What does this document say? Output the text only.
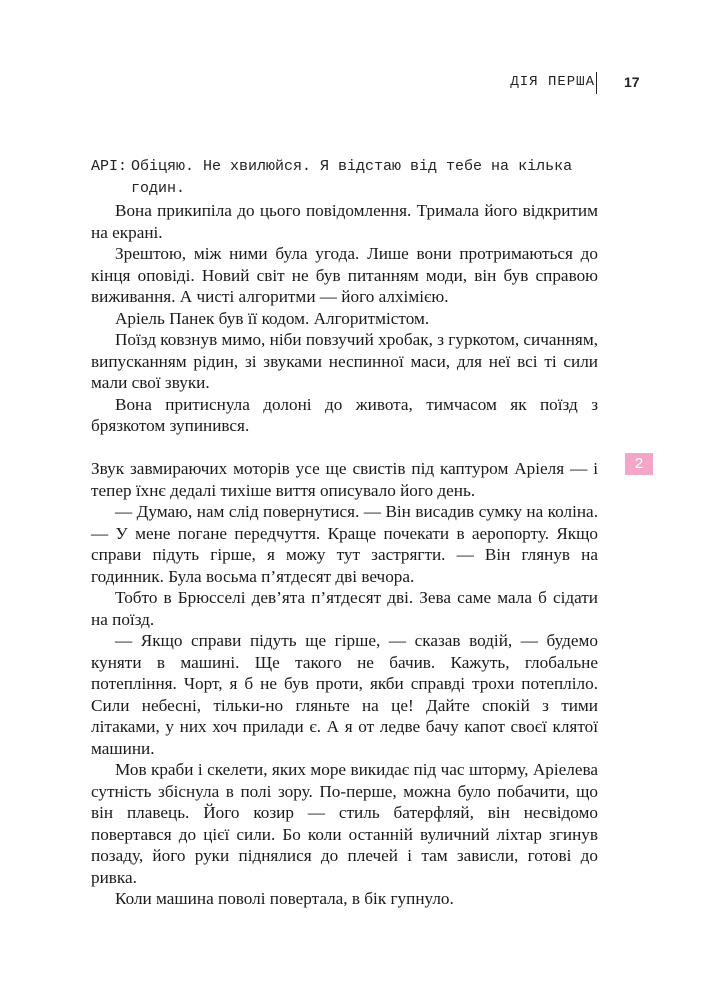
ДІЯ ПЕРША 17
API: Обіцяю. Не хвилюйся. Я відстаю від тебе на кілька годин.

Вона прикипіла до цього повідомлення. Тримала його відкритим на екрані.

Зрештою, між ними була угода. Лише вони протримаються до кінця оповіді. Новий світ не був питанням моди, він був справою виживання. А чисті алгоритми — його алхімією.

Аріель Панек був її кодом. Алгоритмістом.

Поїзд ковзнув мимо, ніби повзучий хробак, з гуркотом, сичанням, випусканням рідин, зі звуками неспинної маси, для неї всі ті сили мали свої звуки.

Вона притиснула долоні до живота, тимчасом як поїзд з брязкотом зупинився.

2

Звук завмираючих моторів усе ще свистів під каптуром Аріеля — і тепер їхнє дедалі тихіше виття описувало його день.

— Думаю, нам слід повернутися. — Він висадив сумку на коліна. — У мене погане передчуття. Краще почекати в аеропорту. Якщо справи підуть гірше, я можу тут застрягти. — Він глянув на годинник. Була восьма п’ятдесят дві вечора.

Тобто в Брюсселі дев’ята п’ятдесят дві. Зева саме мала б сідати на поїзд.

— Якщо справи підуть ще гірше, — сказав водій, — будемо куняти в машині. Ще такого не бачив. Кажуть, глобальне потепління. Чорт, я б не був проти, якби справді трохи потепліло. Сили небесні, тільки-но гляньте на це! Дайте спокій з тими літаками, у них хоч прилади є. А я от ледве бачу капот своєї клятої машини.

Мов краби і скелети, яких море викидає під час шторму, Аріелева сутність збіснулa в полі зору. По-перше, можна було побачити, що він плавець. Його козир — стиль батерфляй, він несвідомо повертався до цієї сили. Бо коли останній вуличний ліхтар згинув позаду, його руки піднялися до плечей і там зависли, готові до ривка.

Коли машина поволі повертала, в бік гупнуло.
